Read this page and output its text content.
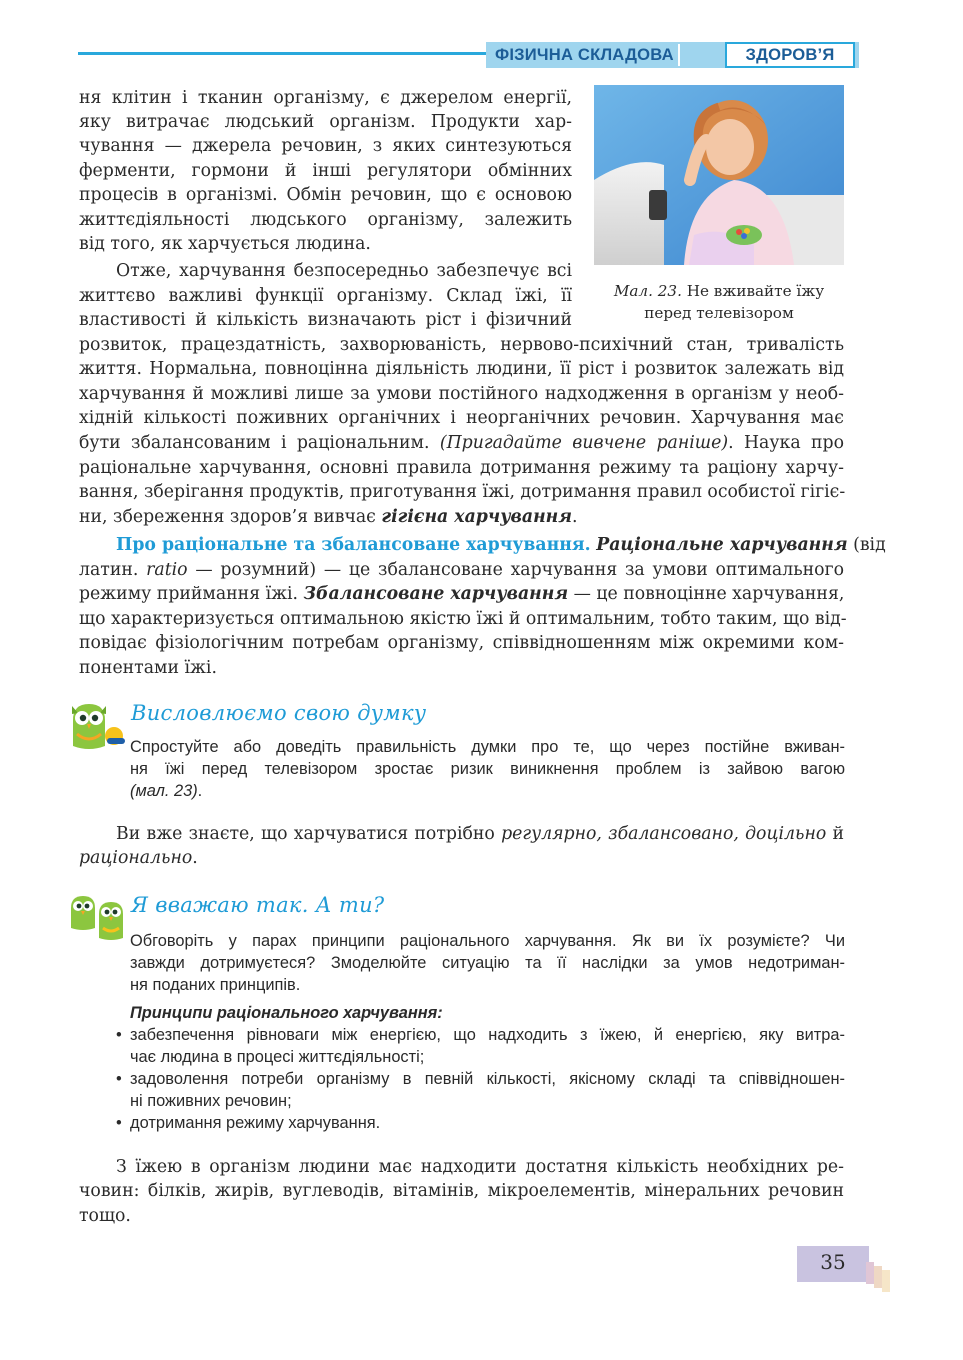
ФІЗИЧНА СКЛАДОВА	ЗДОРОВ’Я
Мал. 23. Не вживайте їжу
перед телевізором
ня клітин і тканин організму, є джерелом енергії,
яку витрачає людський організм. Продукти хар-
чування — джерела речовин, з яких синтезуються
ферменти, гормони й інші регулятори обмінних
процесів в організмі. Обмін речовин, що є основою
життєдіяльності людського організму, залежить
від того, як харчується людина.
Отже, харчування безпосередньо забезпечує всі
життєво важливі функції організму. Склад їжі, її
властивості й кількість визначають ріст і фізичний
розвиток, працездатність, захворюваність, нервово-психічний стан, тривалість
життя. Нормальна, повноцінна діяльність людини, її ріст і розвиток залежать від
харчування й можливі лише за умови постійного надходження в організм у необ-
хідній кількості поживних органічних і неорганічних речовин. Харчування має
бути збалансованим і раціональним. (Пригадайте вивчене раніше). Наука про
раціональне харчування, основні правила дотримання режиму та раціону харчу-
вання, зберігання продуктів, приготування їжі, дотримання правил особистої гігіє-
ни, збереження здоров’я вивчає гігієна харчування.
Про раціональне та збалансоване харчування. Раціональне харчування (від
латин. ratio — розумний) — це збалансоване харчування за умови оптимального
режиму приймання їжі. Збалансоване харчування — це повноцінне харчування,
що характеризується оптимальною якістю їжі й оптимальним, тобто таким, що від-
повідає фізіологічним потребам організму, співвідношенням між окремими ком-
понентами їжі.
Висловлюємо свою думку
Спростуйте або доведіть правильність думки про те, що через постійне вживан-
ня їжі перед телевізором зростає ризик виникнення проблем із зайвою вагою
(мал. 23).
Ви вже знаєте, що харчуватися потрібно регулярно, збалансовано, доцільно й
раціонально.
Я вважаю так. А ти?
Обговоріть у парах принципи раціонального харчування. Як ви їх розумієте? Чи
завжди дотримуєтеся? Змоделюйте ситуацію та її наслідки за умов недотриман-
ня поданих принципів.
Принципи раціонального харчування:
• забезпечення рівноваги між енергією, що надходить з їжею, й енергією, яку витра-
чає людина в процесі життєдіяльності;
• задоволення потреби організму в певній кількості, якісному складі та співвідношен-
ні поживних речовин;
• дотримання режиму харчування.
З їжею в організм людини має надходити достатня кількість необхідних ре-
човин: білків, жирів, вуглеводів, вітамінів, мікроелементів, мінеральних речовин
тощо.
35
